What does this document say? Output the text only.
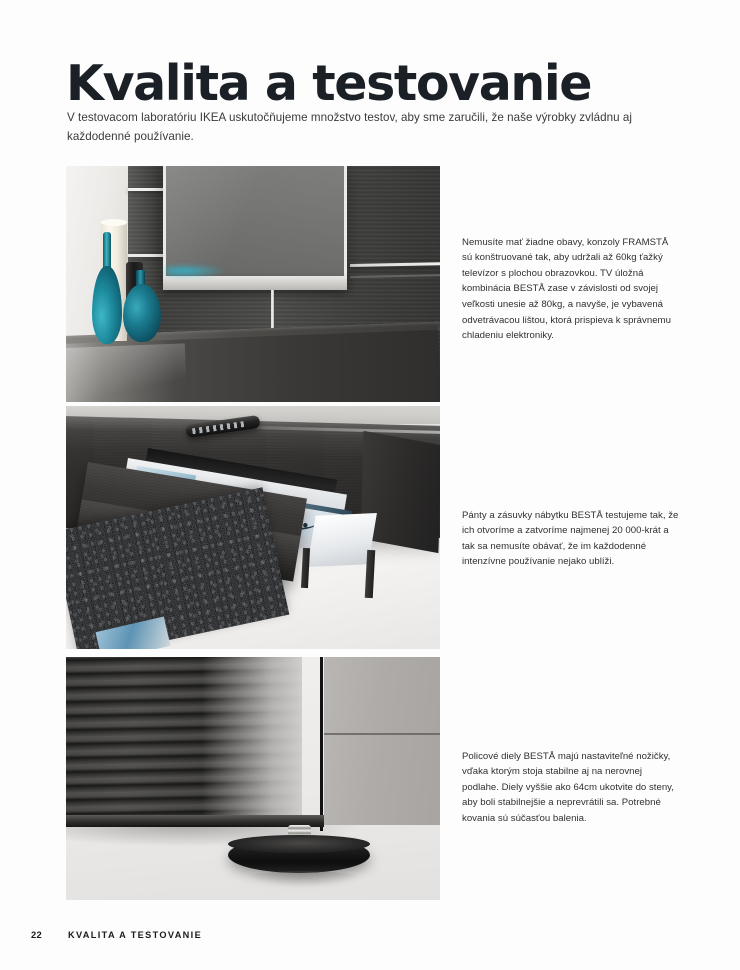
Kvalita a testovanie

V testovacom laboratóriu IKEA uskutočňujeme množstvo testov, aby sme zaručili, že naše výrobky zvládnu aj každodenné používanie.

Nemusíte mať žiadne obavy, konzoly FRAMSTÅ sú konštruované tak, aby udržali až 60kg ťažký televízor s plochou obrazovkou. TV úložná kombinácia BESTÅ zase v závislosti od svojej veľkosti unesie až 80kg, a navyše, je vybavená odvetrávacou lištou, ktorá prispieva k správnemu chladeniu elektroniky.

Pánty a zásuvky nábytku BESTÅ testujeme tak, že ich otvoríme a zatvoríme najmenej 20 000-krát a tak sa nemusíte obávať, že im každodenné intenzívne používanie nejako ublíži.

Policové diely BESTÅ majú nastaviteľné nožičky, vďaka ktorým stoja stabilne aj na nerovnej podlahe. Diely vyššie ako 64cm ukotvite do steny, aby boli stabilnejšie a neprevrátili sa. Potrebné kovania sú súčasťou balenia.

22	KVALITA A TESTOVANIE
